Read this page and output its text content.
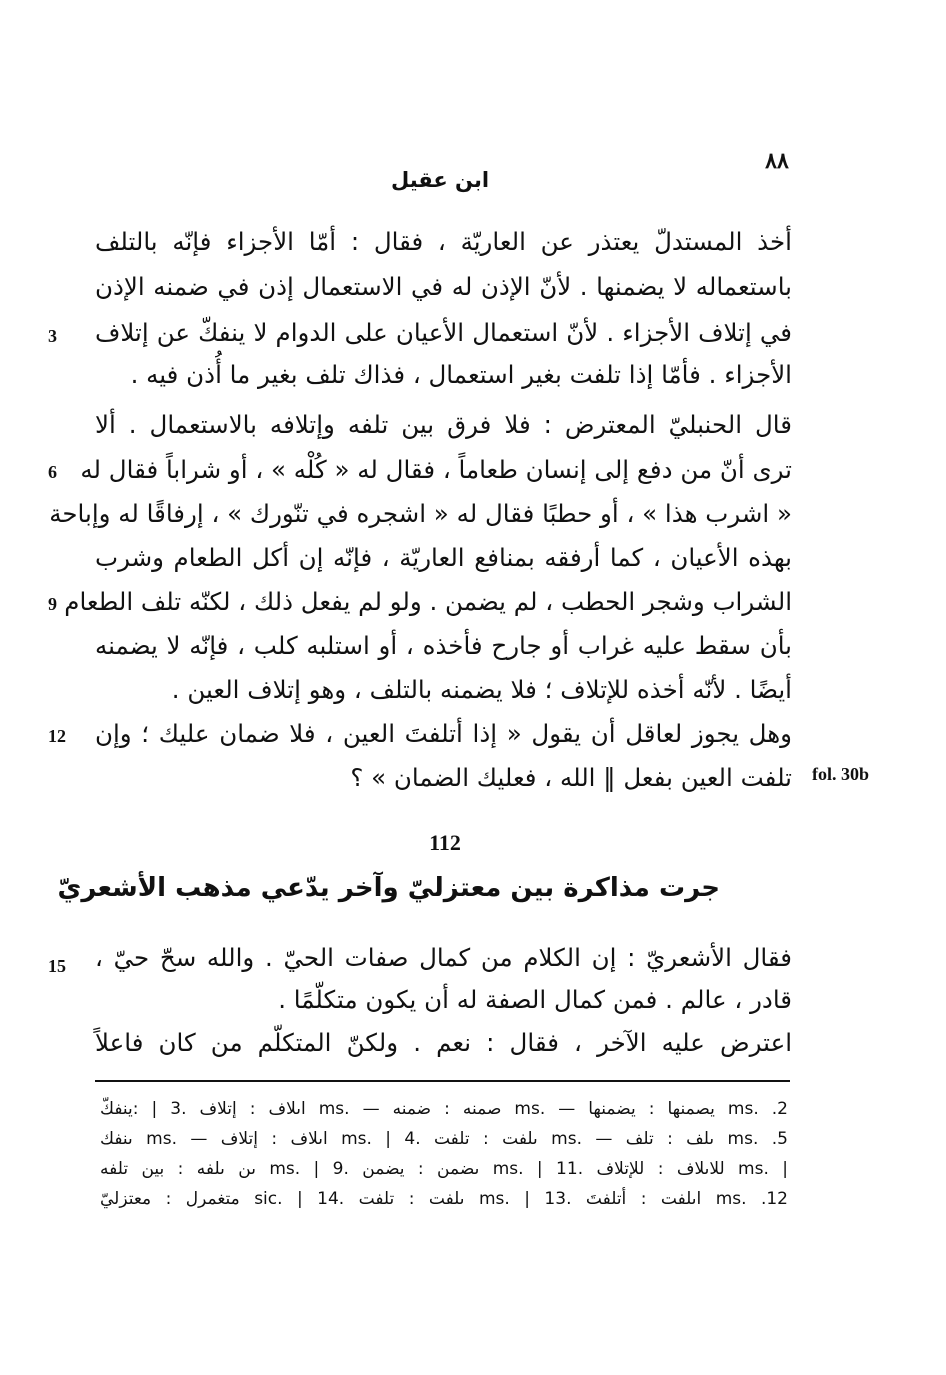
٨٨
ابن عقيل
أخذ المستدلّ يعتذر عن العاريّة ، فقال : أمّا الأجزاء فإنّه بالتلف
باستعماله لا يضمنها . لأنّ الإذن له في الاستعمال إذن في ضمنه الإذن
في إتلاف الأجزاء . لأنّ استعمال الأعيان على الدوام لا ينفكّ عن إتلاف
الأجزاء . فأمّا إذا تلفت بغير استعمال ، فذاك تلف بغير ما أُذن فيه .
قال الحنبليّ المعترض : فلا فرق بين تلفه وإتلافه بالاستعمال . ألا
ترى أنّ من دفع إلى إنسان طعاماً ، فقال له « كُلْه » ، أو شراباً فقال له
« اشرب هذا » ، أو حطبًا فقال له « اشجره في تنّورك » ، إرفاقًا له وإباحة
بهذه الأعيان ، كما أرفقه بمنافع العاريّة ، فإنّه إن أكل الطعام وشرب
الشراب وشجر الحطب ، لم يضمن . ولو لم يفعل ذلك ، لكنّه تلف الطعام
بأن سقط عليه غراب أو جارح فأخذه ، أو استلبه كلب ، فإنّه لا يضمنه
أيضًا . لأنّه أخذه للإتلاف ؛ فلا يضمنه بالتلف ، وهو إتلاف العين .
وهل يجوز لعاقل أن يقول « إذا أتلفتَ العين ، فلا ضمان عليك ؛ وإن
تلفت العين بفعل ‖ الله ، فعليك الضمان » ؟
3
6
9
12
15
fol. 30b
112
جرت مذاكرة بين معتزليّ وآخر يدّعي مذهب الأشعريّ
فقال الأشعريّ : إن الكلام من كمال صفات الحيّ . والله سحّ حيّ ،
قادر ، عالم . فمن كمال الصفة له أن يكون متكلّمًا .
اعترض عليه الآخر ، فقال : نعم . ولكنّ المتكلّم من كان فاعلاً
2. .ms يصمنها : يضمنها — .ms صمنه : ضمنه — .ms اىلاف : إتلاف .3 | :ينفكّ
5. .ms ىلف : تلف — .ms ىلفت : تلفت .4 | .ms اىلاف : إتلاف — .ms ىنفك
| .ms للاىلاف : للإتلاف .11 | .ms ىضمن : يضمن .9 | .ms ىن ىلفه : بين تلفه
12. .ms اىلفت : أتلفتَ .13 | .ms ىلفت : تلفت .14 | .sic متغمرل : معتزليّ
